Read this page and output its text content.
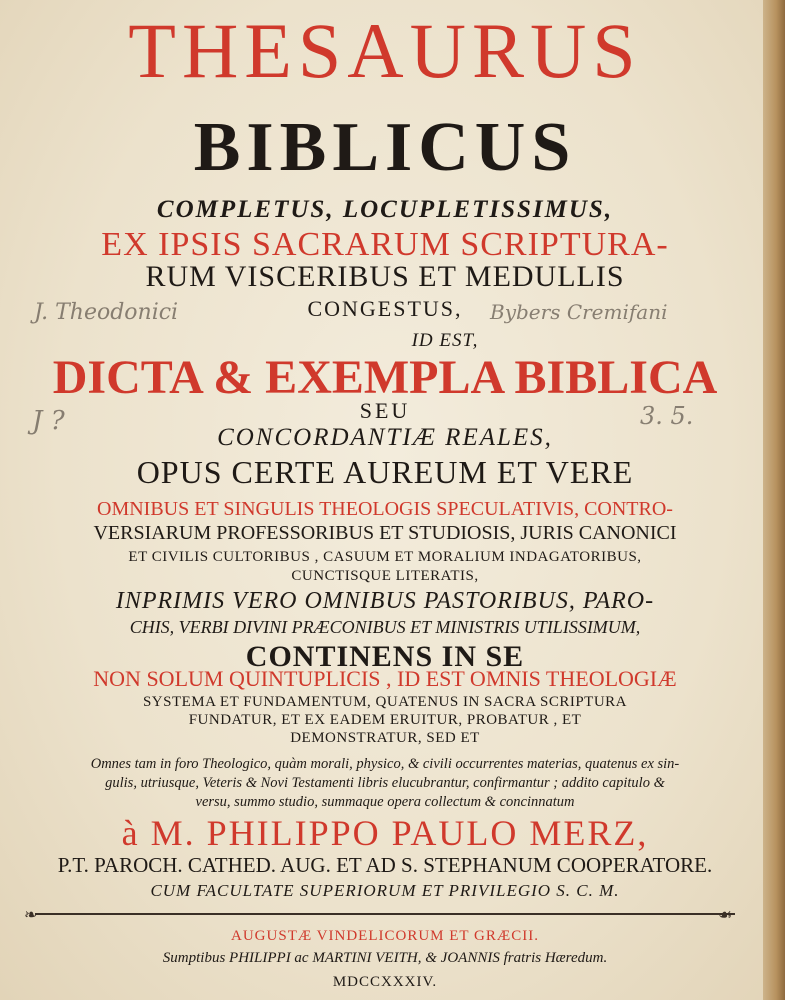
THESAURUS
BIBLICUS
COMPLETUS, LOCUPLETISSIMUS,
EX IPSIS SACRARUM SCRIPTURA-
RUM VISCERIBUS ET MEDULLIS
CONGESTUS,
ID EST,
DICTA & EXEMPLA BIBLICA
SEU
CONCORDANTIÆ REALES,
OPUS CERTE AUREUM ET VERE
OMNIBUS ET SINGULIS THEOLOGIS SPECULATIVIS, CONTRO-
VERSIARUM PROFESSORIBUS ET STUDIOSIS, JURIS CANONICI
ET CIVILIS CULTORIBUS , CASUUM ET MORALIUM INDAGATORIBUS,
CUNCTISQUE LITERATIS,
INPRIMIS VERO OMNIBUS PASTORIBUS, PARO-
CHIS, VERBI DIVINI PRÆCONIBUS ET MINISTRIS UTILISSIMUM,
CONTINENS IN SE
NON SOLUM QUINTUPLICIS , ID EST OMNIS THEOLOGIÆ
SYSTEMA ET FUNDAMENTUM, QUATENUS IN SACRA SCRIPTURA
FUNDATUR, ET EX EADEM ERUITUR, PROBATUR , ET
DEMONSTRATUR, SED ET
Omnes tam in foro Theologico, quàm morali, physico, & civili occurrentes materias, quatenus ex sin-
gulis, utriusque, Veteris & Novi Testamenti libris elucubrantur, confirmantur ; addito capitulo &
versu, summo studio, summaque opera collectum & concinnatum
à M. PHILIPPO PAULO MERZ,
P.T. PAROCH. CATHED. AUG. ET AD S. STEPHANUM COOPERATORE.
CUM FACULTATE SUPERIORUM ET PRIVILEGIO S. C. M.
❧	☙
AUGUSTÆ VINDELICORUM ET GRÆCII.
Sumptibus PHILIPPI ac MARTINI VEITH, & JOANNIS fratris Hæredum.
MDCCXXXIV.
J. Theodonici	Bybers Cremifani
3. 5.
J ?
